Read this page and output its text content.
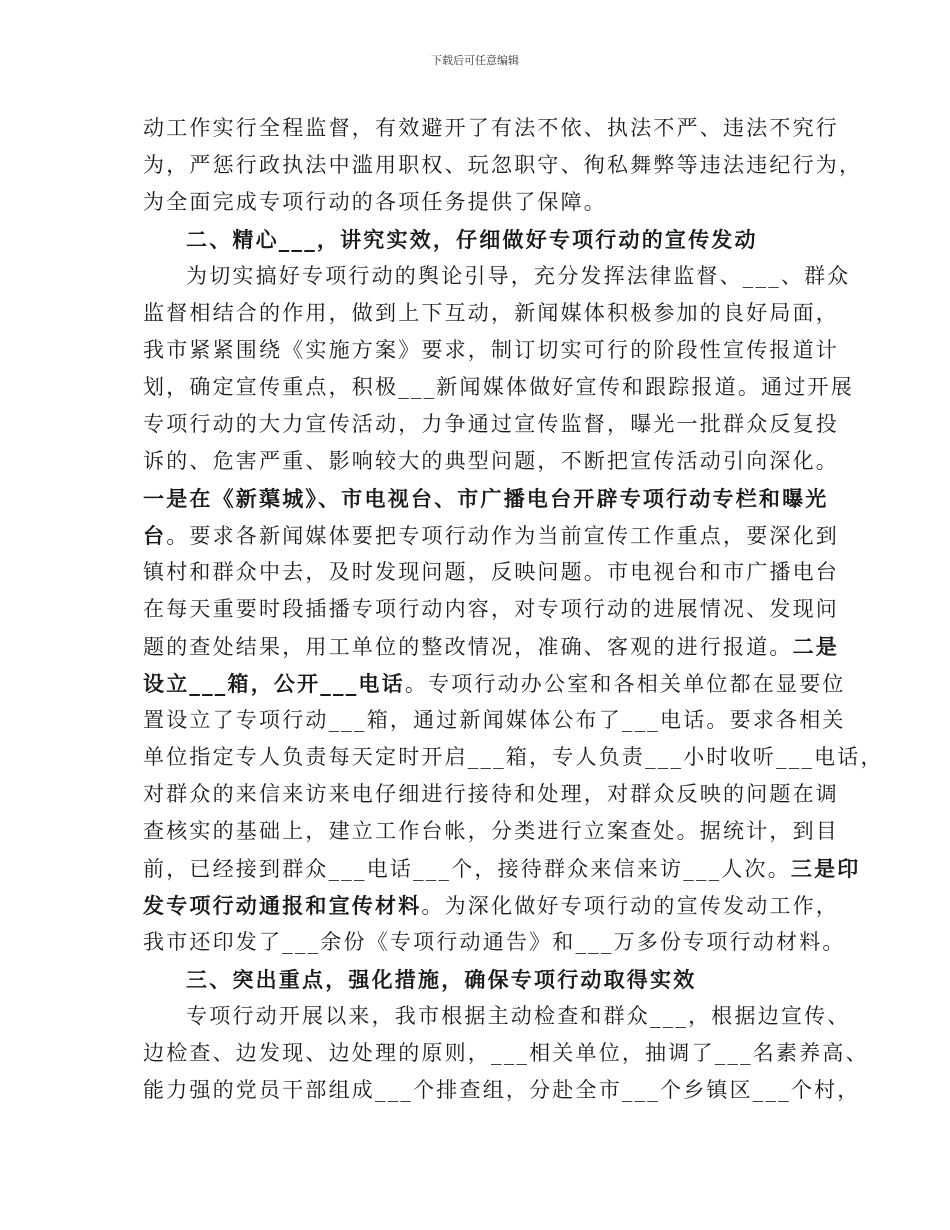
下载后可任意编辑
动工作实行全程监督，有效避开了有法不依、执法不严、违法不究行
为，严惩行政执法中滥用职权、玩忽职守、徇私舞弊等违法违纪行为，
为全面完成专项行动的各项任务提供了保障。
二、精心___，讲究实效，仔细做好专项行动的宣传发动
为切实搞好专项行动的舆论引导，充分发挥法律监督、___、群众
监督相结合的作用，做到上下互动，新闻媒体积极参加的良好局面，
我市紧紧围绕《实施方案》要求，制订切实可行的阶段性宣传报道计
划，确定宣传重点，积极___新闻媒体做好宣传和跟踪报道。通过开展
专项行动的大力宣传活动，力争通过宣传监督，曝光一批群众反复投
诉的、危害严重、影响较大的典型问题，不断把宣传活动引向深化。
一是在《新蕖城》、市电视台、市广播电台开辟专项行动专栏和曝光
台。要求各新闻媒体要把专项行动作为当前宣传工作重点，要深化到
镇村和群众中去，及时发现问题，反映问题。市电视台和市广播电台
在每天重要时段插播专项行动内容，对专项行动的进展情况、发现问
题的查处结果，用工单位的整改情况，准确、客观的进行报道。二是
设立___箱，公开___电话。专项行动办公室和各相关单位都在显要位
置设立了专项行动___箱，通过新闻媒体公布了___电话。要求各相关
单位指定专人负责每天定时开启___箱，专人负责___小时收听___电话，
对群众的来信来访来电仔细进行接待和处理，对群众反映的问题在调
查核实的基础上，建立工作台帐，分类进行立案查处。据统计，到目
前，已经接到群众___电话___个，接待群众来信来访___人次。三是印
发专项行动通报和宣传材料。为深化做好专项行动的宣传发动工作，
我市还印发了___余份《专项行动通告》和___万多份专项行动材料。
三、突出重点，强化措施，确保专项行动取得实效
专项行动开展以来，我市根据主动检查和群众___，根据边宣传、
边检查、边发现、边处理的原则，___相关单位，抽调了___名素养高、
能力强的党员干部组成___个排查组，分赴全市___个乡镇区___个村，
